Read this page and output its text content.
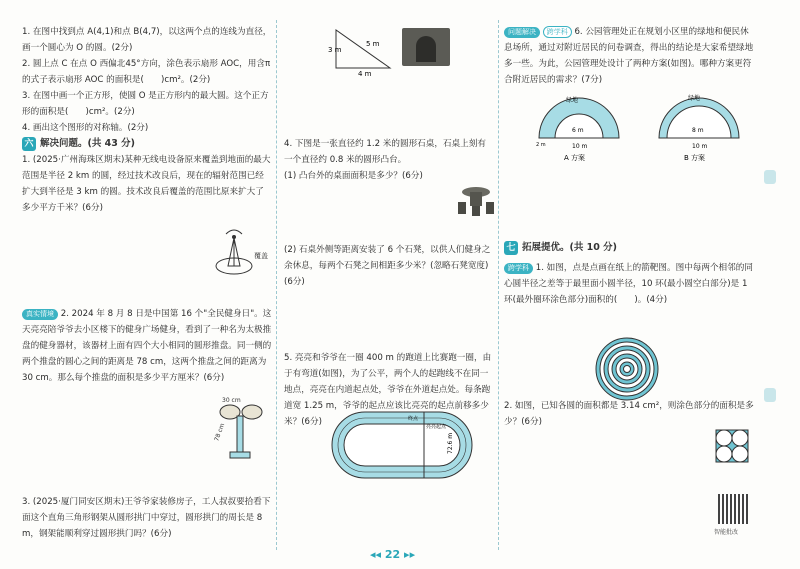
1. 在图中找到点 A(4,1)和点 B(4,7)，以这两个点的连线为直径，画一个圆心为 O 的圆。(2分)
2. 圆上点 C 在点 O 西偏北45°方向，涂色表示扇形 AOC，用含π的式子表示扇形 AOC 的面积是(　　)cm²。(2分)
3. 在图中画一个正方形，使圆 O 是正方形内的最大圆。这个正方形的面积是(　　)cm²。(2分)
4. 画出这个图形的对称轴。(2分)
六 解决问题。(共 43 分)
1. (2025·广州海珠区期末)某种无线电设备原来覆盖到地面的最大范围是半径 2 km 的圆，经过技术改良后，现在的辐射范围已经扩大到半径是 3 km 的圆。技术改良后覆盖的范围比原来扩大了多少平方千米？(6分)
覆盖
真实情境 2. 2024 年 8 月 8 日是中国第 16 个"全民健身日"。这天亮亮陪爷爷去小区楼下的健身广场健身，看到了一种名为太极推盘的健身器材，该器材上面有四个大小相同的圆形推盘。同一侧的两个推盘的圆心之间的距离是 78 cm，这两个推盘之间的距离为 30 cm。那么每个推盘的面积是多少平方厘米？(6分)
30 cm
78 cm
3. (2025·厦门同安区期末)王爷爷家装修房子，工人叔叔要拾看下面这个直角三角形钢架从圆形拱门中穿过，圆形拱门的周长是 8 m，钢架能顺利穿过圆形拱门吗？(6分)
3 m
5 m
4 m
4. 下图是一张直径约 1.2 米的圆形石桌，石桌上刻有一个直径约 0.8 米的圆形凸台。
(1) 凸台外的桌面面积是多少？(6分)
(2) 石桌外侧等距离安装了 6 个石凳，以供人们健身之余休息，每两个石凳之间相距多少米？(忽略石凳宽度)(6分)
5. 亮亮和爷爷在一圈 400 m 的跑道上比赛跑一圈，由于有弯道(如图)，为了公平，两个人的起跑线不在同一地点，亮亮在内道起点处，爷爷在外道起点处。每条跑道宽 1.25 m，爷爷的起点应该比亮亮的起点前移多少米？(6分)	终点
亮亮起点
72.6 m
问题解决 跨学科 6. 公园管理处正在规划小区里的绿地和便民休息场所，通过对附近居民的问卷调查，得出的结论是大家希望绿地多一些。为此，公园管理处设计了两种方案(如图)。哪种方案更符合附近居民的需求？(7分)
绿地
6 m
10 m
2 m
A 方案
绿地
8 m
10 m
B 方案
七 拓展提优。(共 10 分)
跨学科 1. 如图，点是点画在纸上的箭靶图。图中每两个相邻的同心圆半径之差等于最里面小圆半径，10 环(最小圆空白部分)是 1 环(最外圈环涂色部分)面积的(　　)。(4分)
2. 如图，已知各圆的面积都是 3.14 cm²，则涂色部分的面积是多少？(6分)
智能批改
◂◂ 22 ▸▸
